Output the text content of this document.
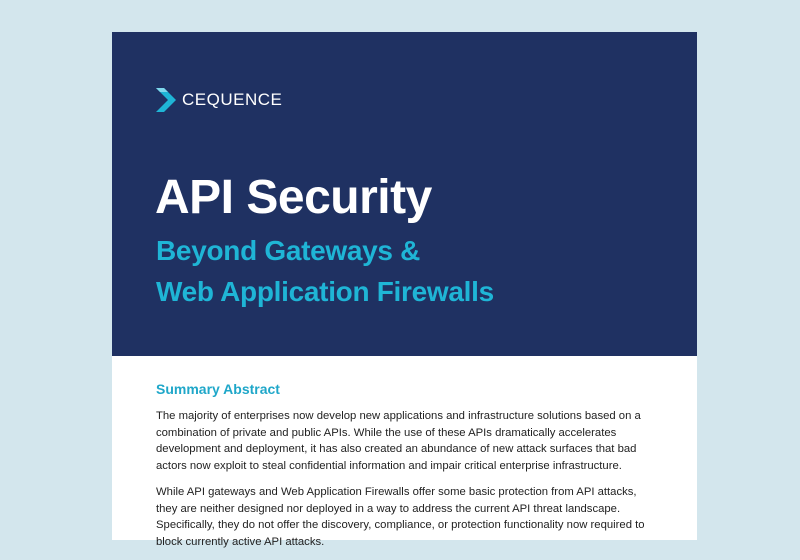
CEQUENCE
API Security
Beyond Gateways &
Web Application Firewalls
Summary Abstract

The majority of enterprises now develop new applications and infrastructure solutions based on a combination of private and public APIs. While the use of these APIs dramatically accelerates development and deployment, it has also created an abundance of new attack surfaces that bad actors now exploit to steal confidential information and impair critical enterprise infrastructure.

While API gateways and Web Application Firewalls offer some basic protection from API attacks, they are neither designed nor deployed in a way to address the current API threat landscape. Specifically, they do not offer the discovery, compliance, or protection functionality now required to block currently active API attacks.
